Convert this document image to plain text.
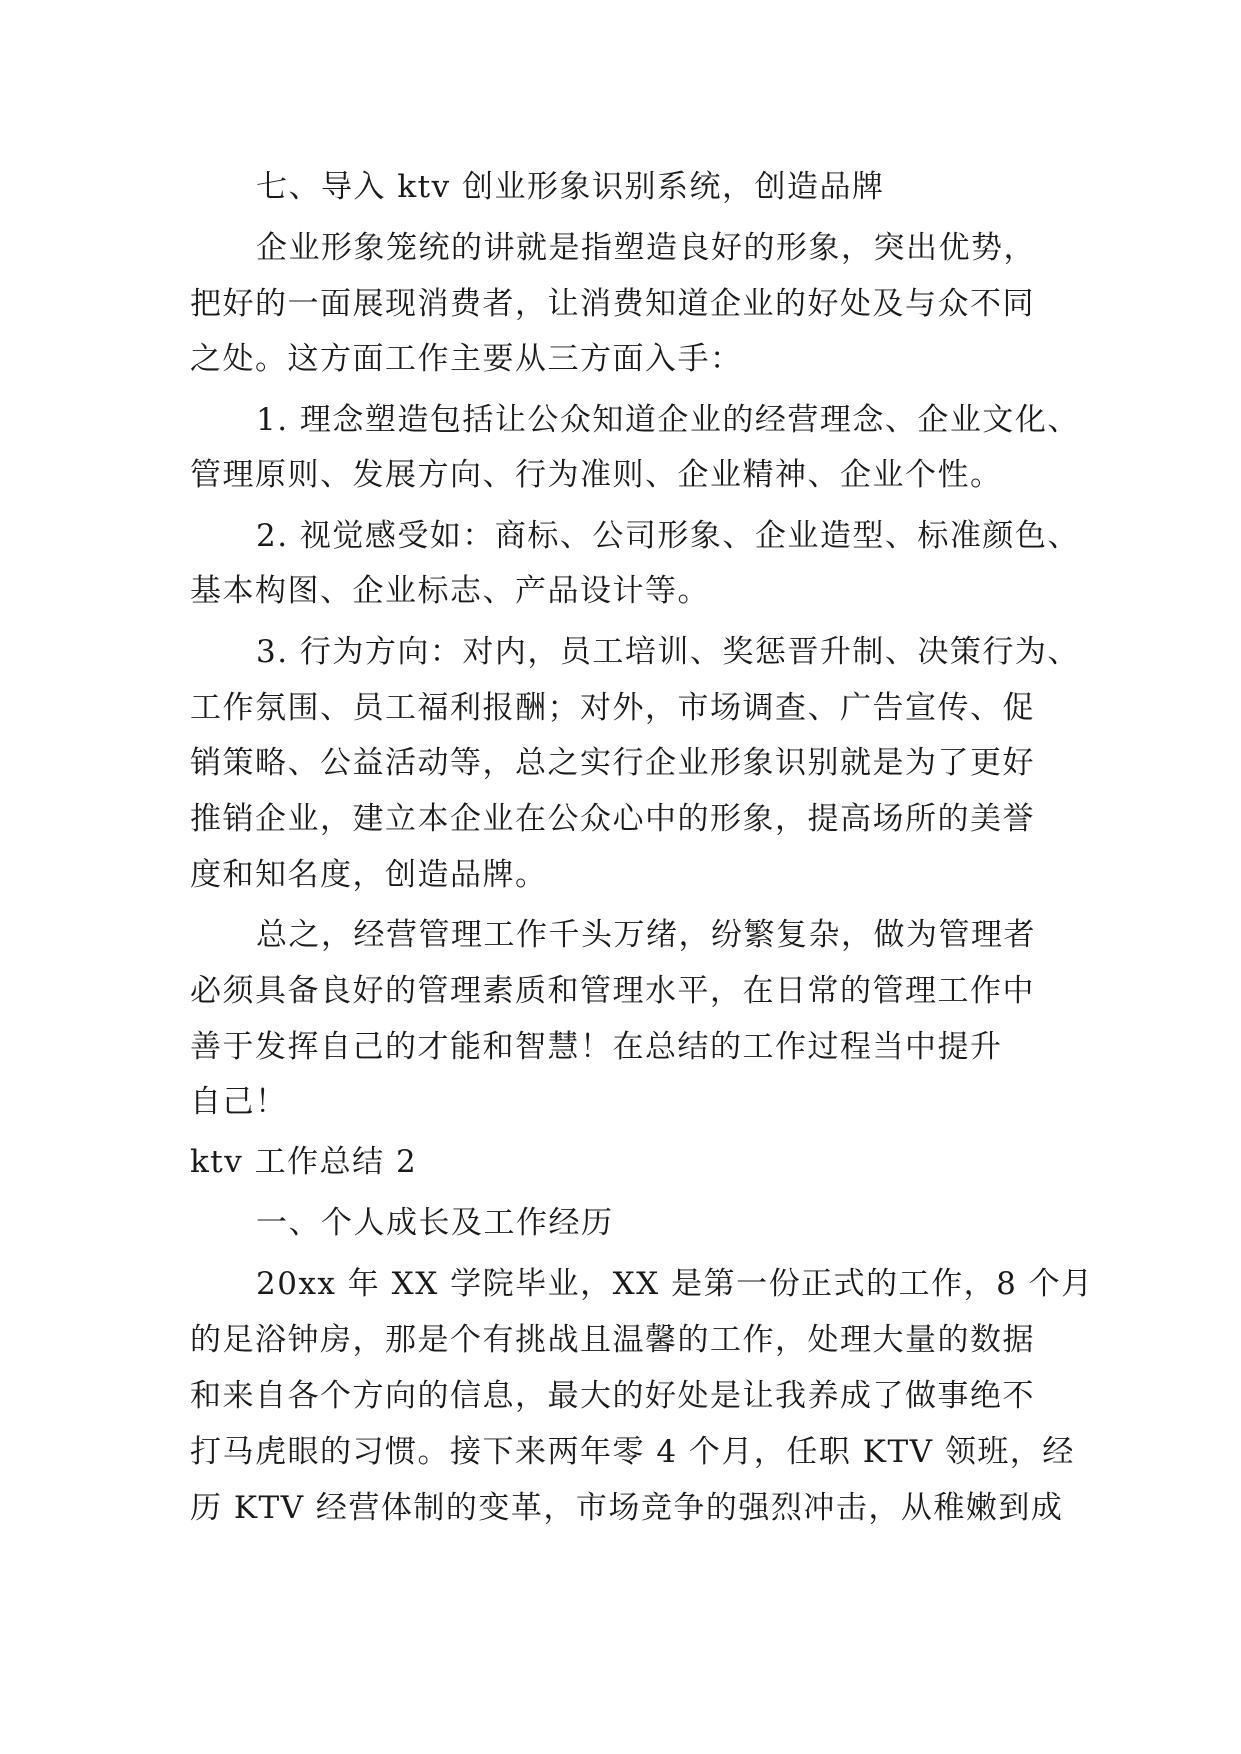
七、导入 ktv 创业形象识别系统，创造品牌
企业形象笼统的讲就是指塑造良好的形象，突出优势，
把好的一面展现消费者，让消费知道企业的好处及与众不同
之处。这方面工作主要从三方面入手：
1. 理念塑造包括让公众知道企业的经营理念、企业文化、
管理原则、发展方向、行为准则、企业精神、企业个性。
2. 视觉感受如：商标、公司形象、企业造型、标准颜色、
基本构图、企业标志、产品设计等。
3. 行为方向：对内，员工培训、奖惩晋升制、决策行为、
工作氛围、员工福利报酬；对外，市场调查、广告宣传、促
销策略、公益活动等，总之实行企业形象识别就是为了更好
推销企业，建立本企业在公众心中的形象，提高场所的美誉
度和知名度，创造品牌。
总之，经营管理工作千头万绪，纷繁复杂，做为管理者
必须具备良好的管理素质和管理水平，在日常的管理工作中
善于发挥自己的才能和智慧！在总结的工作过程当中提升
自己！
ktv 工作总结 2
一、个人成长及工作经历
20xx 年 XX 学院毕业，XX 是第一份正式的工作，8 个月
的足浴钟房，那是个有挑战且温馨的工作，处理大量的数据
和来自各个方向的信息，最大的好处是让我养成了做事绝不
打马虎眼的习惯。接下来两年零 4 个月，任职 KTV 领班，经
历 KTV 经营体制的变革，市场竞争的强烈冲击，从稚嫩到成
